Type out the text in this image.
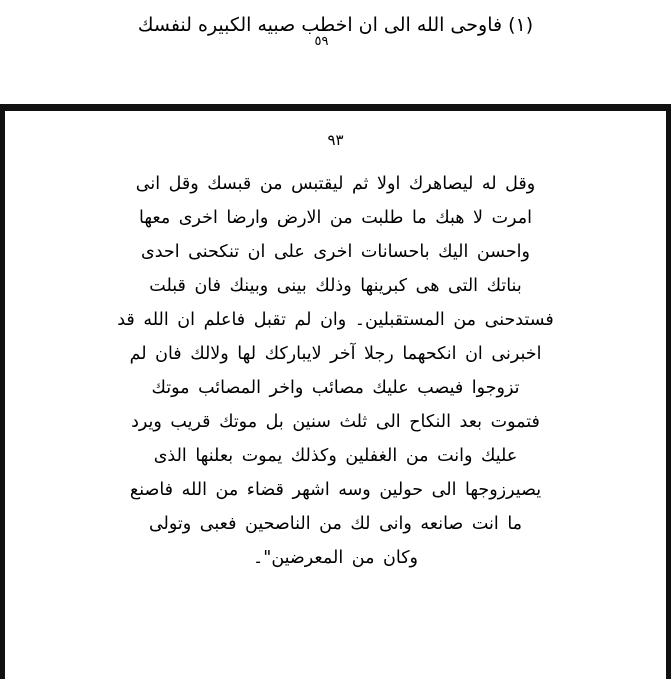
(١) فاوحى الله الى ان اخطب صبيه الكبيره لنفسك
٥٩
٩٣
وقل له ليصاهرك اولا ثم ليقتبس من قبسك وقل انى
امرت لا هبك ما طلبت من الارض وارضا اخرى معها
واحسن اليك باحسانات اخرى على ان تنكحنى احدى
بناتك التى هى كبرينها وذلك بينى وبينك فان قبلت
فستدحنى من المستقبلين۔ وان لم تقبل فاعلم ان الله قد
اخبرنى ان انكحهما رجلا آخر لايباركك لها ولالك فان لم
تزوجوا فيصب عليك مصائب واخر المصائب موتك
فتموت بعد النكاح الى ثلث سنين بل موتك قريب ويرد
عليك وانت من الغفلين وكذلك يموت بعلنها الذى
يصيرزوجها الى حولين وسه اشهر قضاء من الله فاصنع
ما انت صانعه وانى لك من الناصحين فعبى وتولى
وكان من المعرضين"۔
